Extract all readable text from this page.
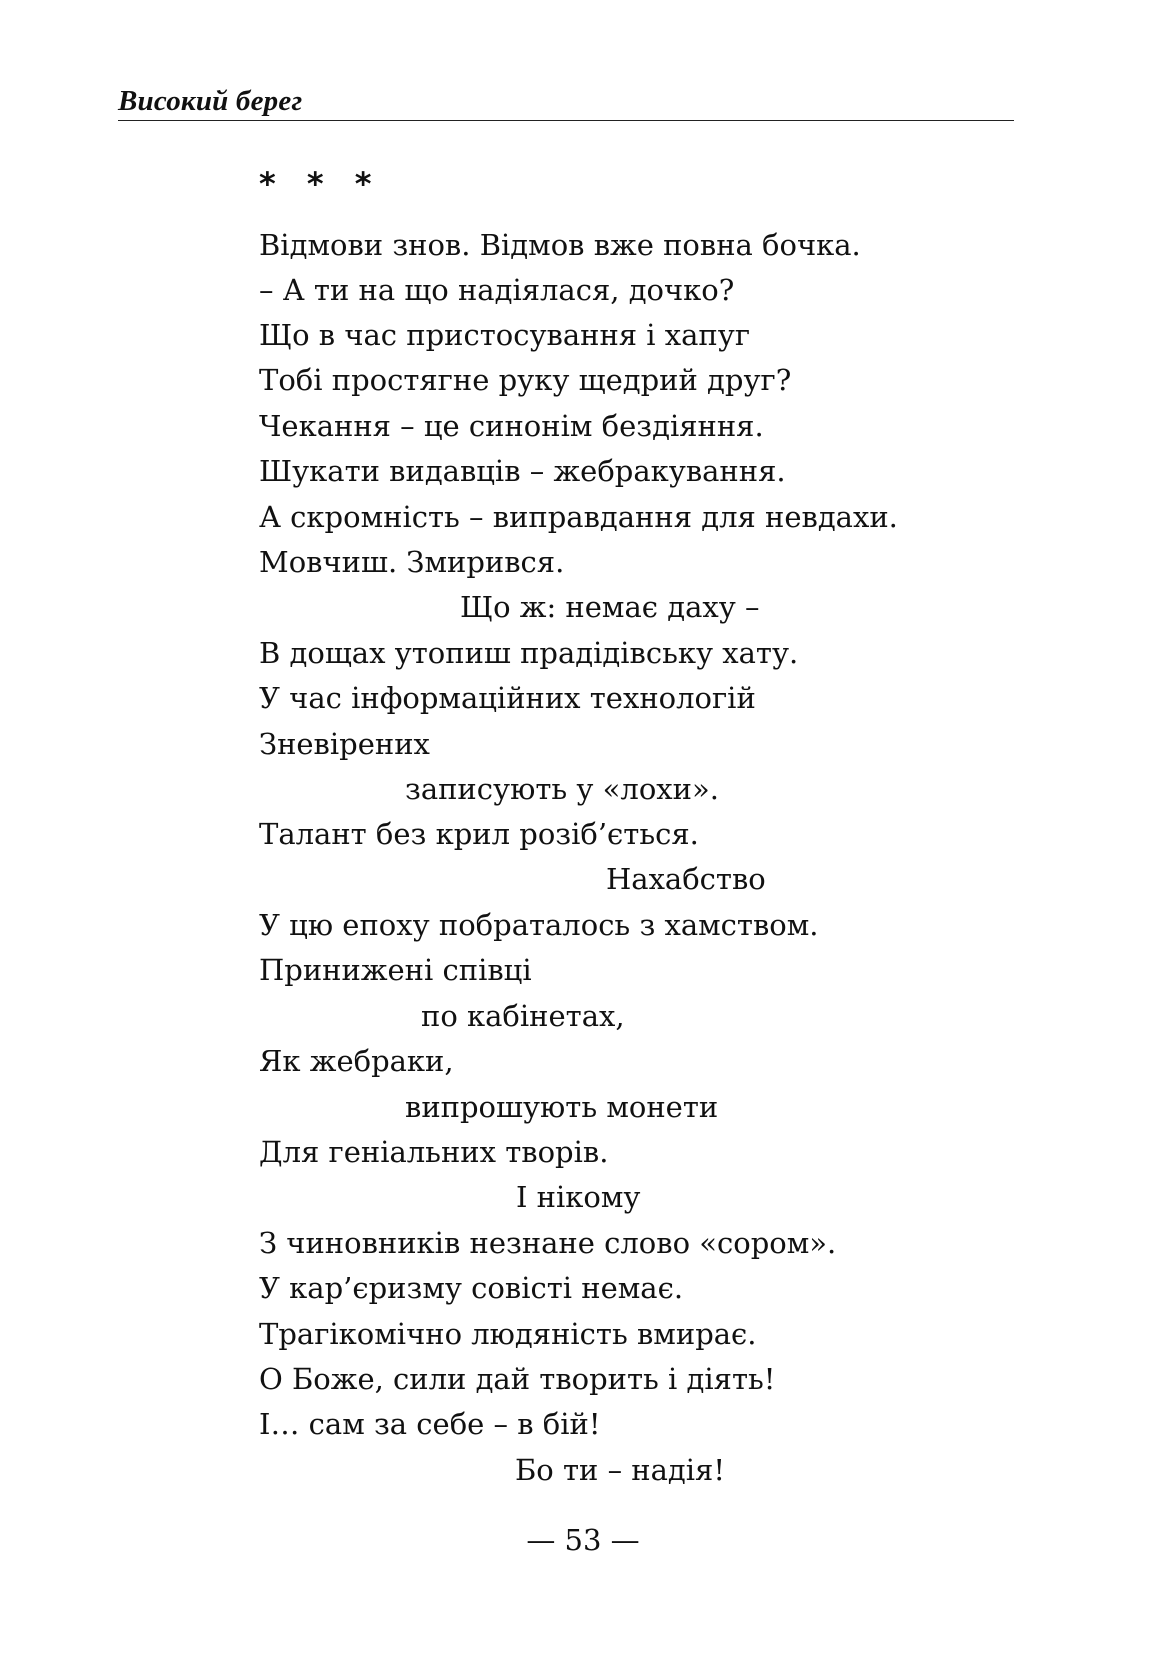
Високий берег
* * *
Відмови знов. Відмов вже повна бочка.
– А ти на що надіялася, дочко?
Що в час пристосування і хапуг
Тобі простягне руку щедрий друг?
Чекання – це синонім бездіяння.
Шукати видавців – жебракування.
А скромність – виправдання для невдахи.
Мовчиш. Змирився.
Що ж: немає даху –
В дощах утопиш прадідівську хату.
У час інформаційних технологій
Зневірених
записують у «лохи».
Талант без крил розіб’ється.
Нахабство
У цю епоху побраталось з хамством.
Принижені співці
по кабінетах,
Як жебраки,
випрошують монети
Для геніальних творів.
І нікому
З чиновників незнане слово «сором».
У кар’єризму совісті немає.
Трагікомічно людяність вмирає.
О Боже, сили дай творить і діять!
І… сам за себе – в бій!
Бо ти – надія!
— 53 —
